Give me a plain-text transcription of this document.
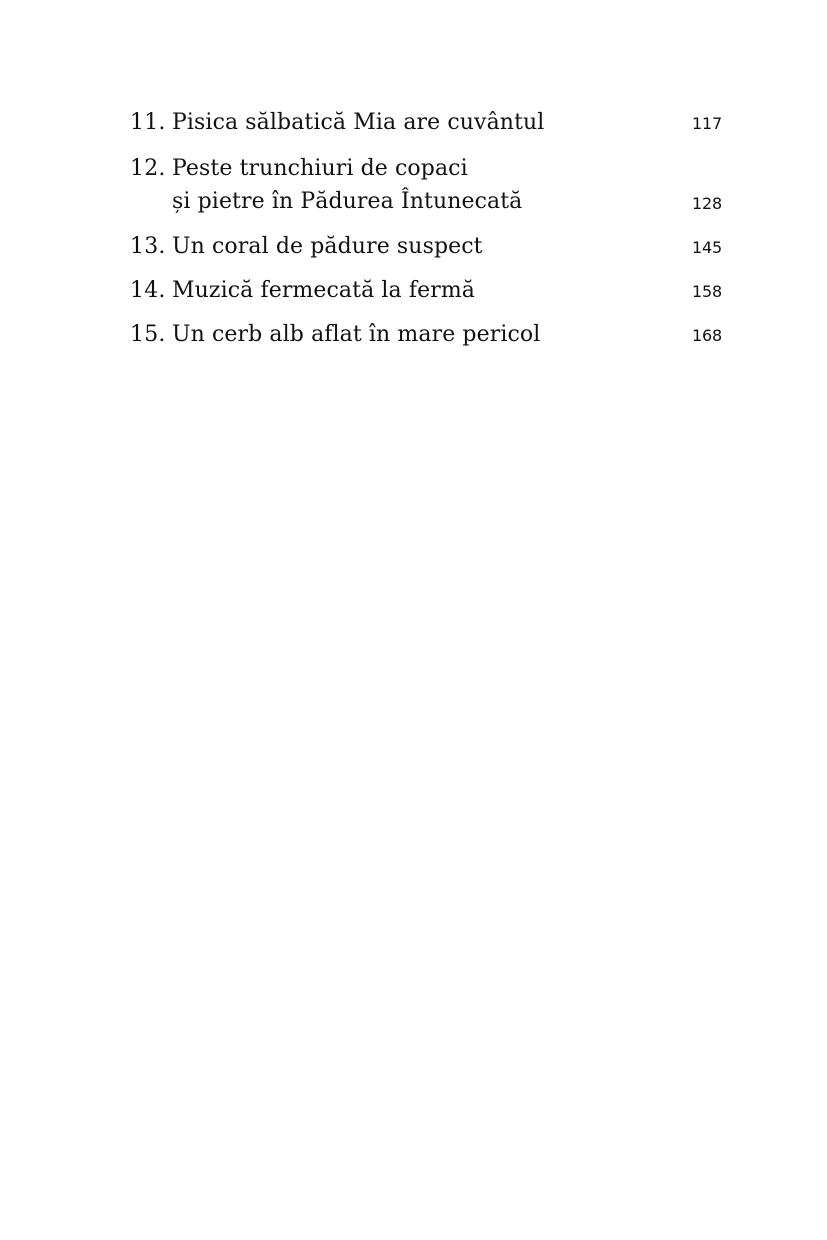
11. Pisica sălbatică Mia are cuvântul	117
12. Peste trunchiuri de copaci
și pietre în Pădurea Întunecată	128
13. Un coral de pădure suspect	145
14. Muzică fermecată la fermă	158
15. Un cerb alb aflat în mare pericol	168
